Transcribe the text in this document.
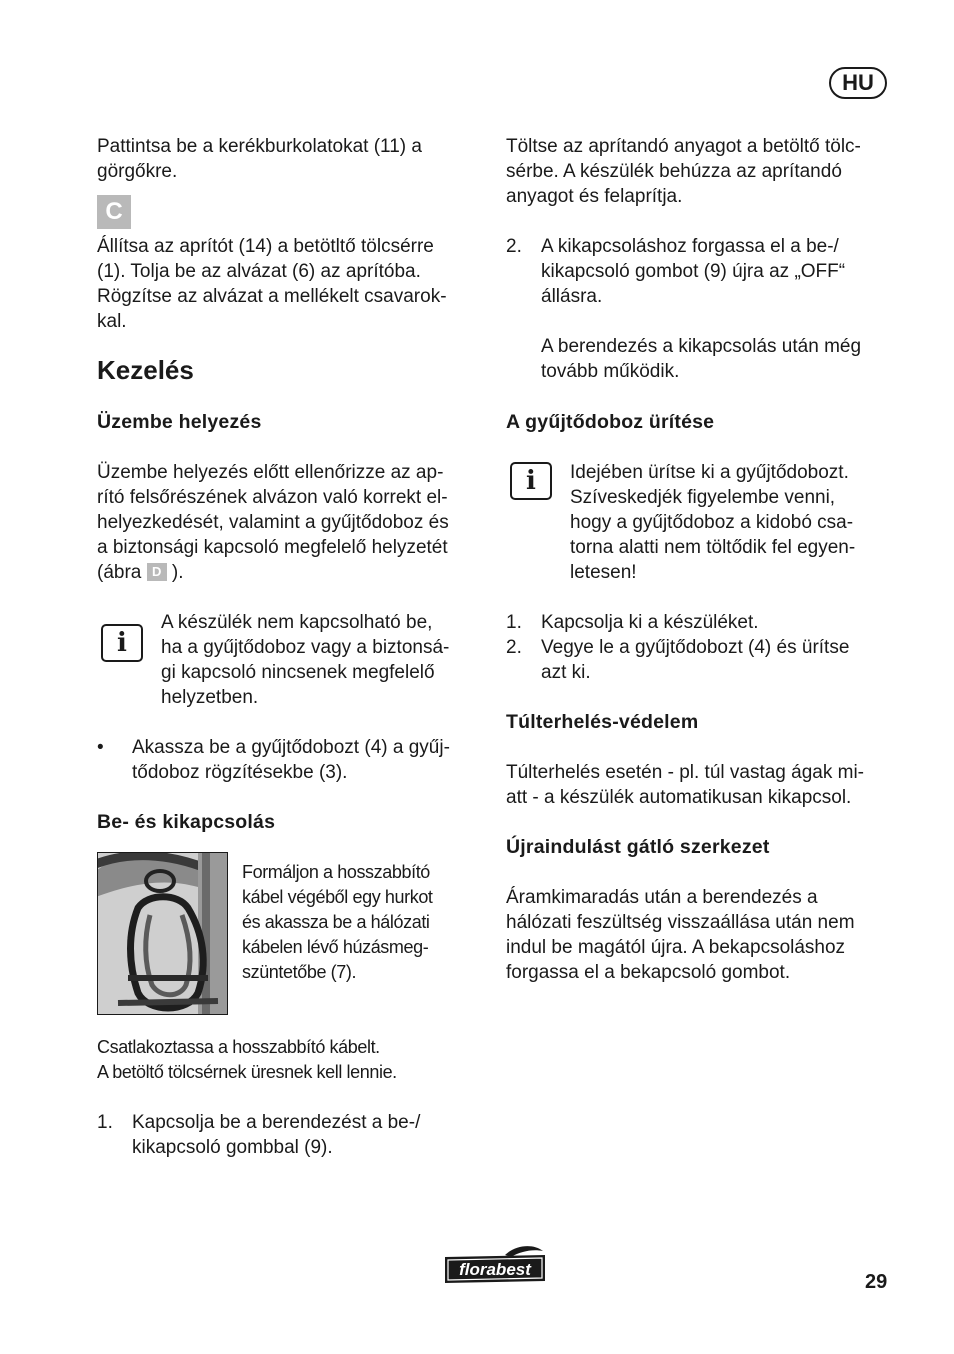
HU
Pattintsa be a kerékburkolatokat (11) a
görgőkre.
C
Állítsa az aprítót (14) a betötltő tölcsérre
(1). Tolja be az alvázat (6) az aprítóba.
Rögzítse az alvázat a mellékelt csavarok-
kal.
Kezelés
Üzembe helyezés
Üzembe helyezés előtt ellenőrizze az ap-
rító felsőrészének alvázon való korrekt el-
helyezkedését, valamint a gyűjtődoboz és
a biztonsági kapcsoló megfelelő helyzetét
(ábra D ).
i
A készülék nem kapcsolható be,
ha a gyűjtődoboz vagy a biztonsá-
gi kapcsoló nincsenek megfelelő
helyzetben.
• Akassza be a gyűjtődobozt (4) a gyűj-
tődoboz rögzítésekbe (3).
Be- és kikapcsolás
Formáljon a hosszabbító
kábel végéből egy hurkot
és akassza be a hálózati
kábelen lévő húzásmeg-
szüntetőbe (7).
Csatlakoztassa a hosszabbító kábelt.
A betöltő tölcsérnek üresnek kell lennie.
1. Kapcsolja be a berendezést a be-/
kikapcsoló gombbal (9).
Töltse az aprítandó anyagot a betöltő tölc-
sérbe. A készülék behúzza az aprítandó
anyagot és felaprítja.
2. A kikapcsoláshoz forgassa el a be-/
kikapcsoló gombot (9) újra az „OFF“
állásra.
A berendezés a kikapcsolás után még
tovább működik.
A gyűjtődoboz ürítése
i	Idejében ürítse ki a gyűjtődobozt.
Szíveskedjék figyelembe venni,
hogy a gyűjtődoboz a kidobó csa-
torna alatti nem töltődik fel egyen-
letesen!
1. Kapcsolja ki a készüléket.
2. Vegye le a gyűjtődobozt (4) és ürítse
azt ki.
Túlterhelés-védelem
Túlterhelés esetén - pl. túl vastag ágak mi-
att - a készülék automatikusan kikapcsol.
Újraindulást gátló szerkezet
Áramkimaradás után a berendezés a
hálózati feszültség visszaállása után nem
indul be magától újra. A bekapcsoláshoz
forgassa el a bekapcsoló gombot.
florabest
29
